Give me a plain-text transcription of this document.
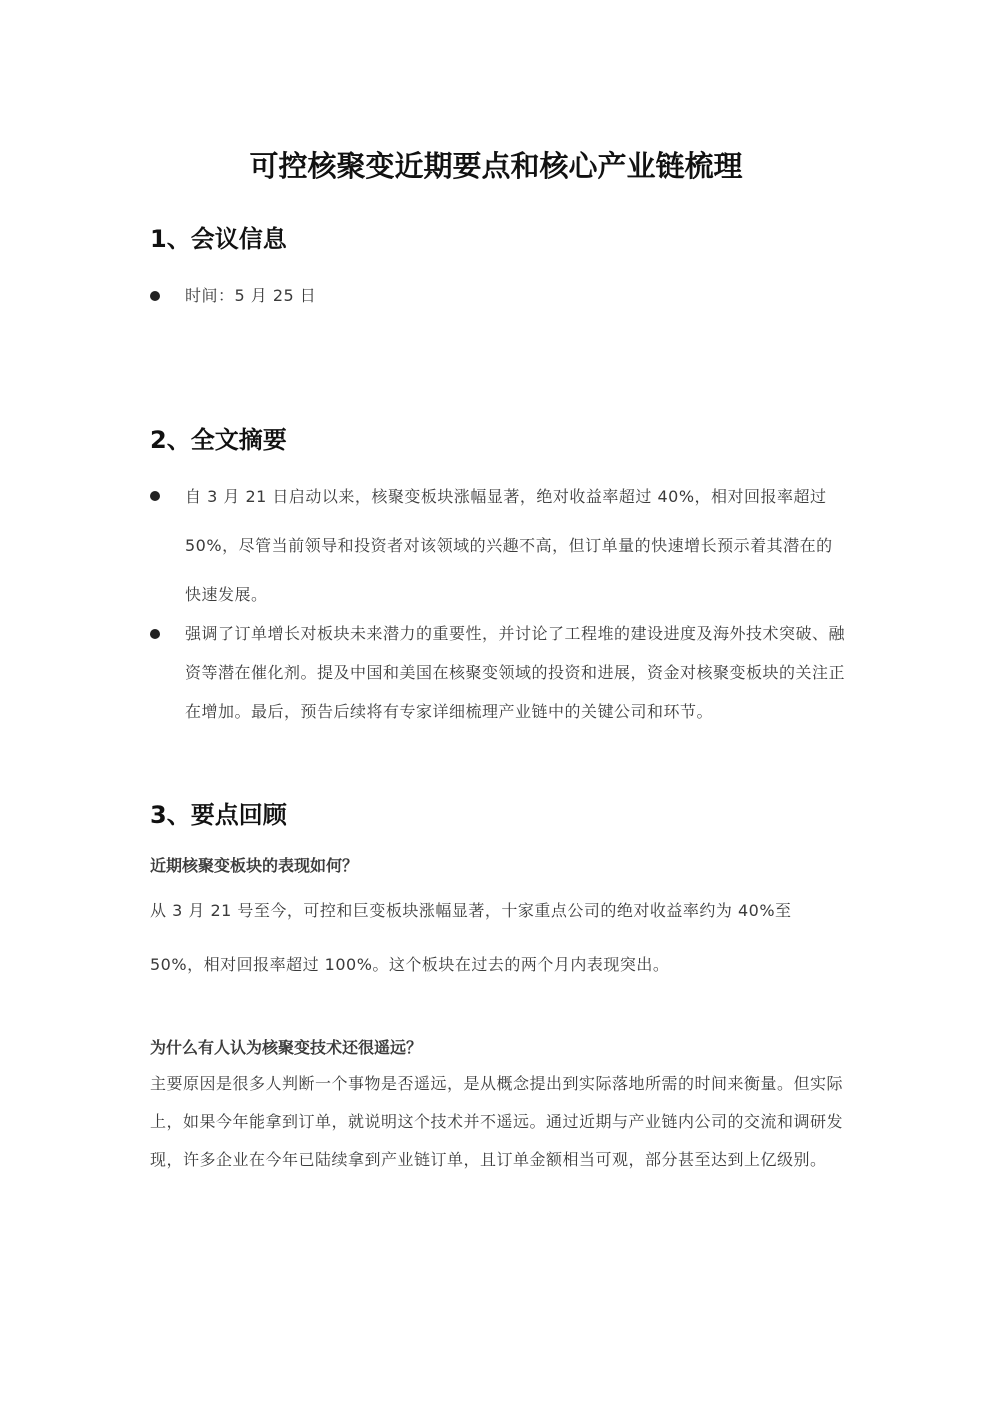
可控核聚变近期要点和核心产业链梳理
1、会议信息

时间：5 月 25 日

2、全文摘要

自 3 月 21 日启动以来，核聚变板块涨幅显著，绝对收益率超过 40%，相对回报率超过 50%，尽管当前领导和投资者对该领域的兴趣不高，但订单量的快速增长预示着其潜在的快速发展。

强调了订单增长对板块未来潜力的重要性，并讨论了工程堆的建设进度及海外技术突破、融资等潜在催化剂。提及中国和美国在核聚变领域的投资和进展，资金对核聚变板块的关注正在增加。最后，预告后续将有专家详细梳理产业链中的关键公司和环节。

3、要点回顾

近期核聚变板块的表现如何？

从 3 月 21 号至今，可控和巨变板块涨幅显著，十家重点公司的绝对收益率约为 40%至 50%，相对回报率超过 100%。这个板块在过去的两个月内表现突出。

为什么有人认为核聚变技术还很遥远？

主要原因是很多人判断一个事物是否遥远，是从概念提出到实际落地所需的时间来衡量。但实际上，如果今年能拿到订单，就说明这个技术并不遥远。通过近期与产业链内公司的交流和调研发现，许多企业在今年已陆续拿到产业链订单，且订单金额相当可观，部分甚至达到上亿级别。
